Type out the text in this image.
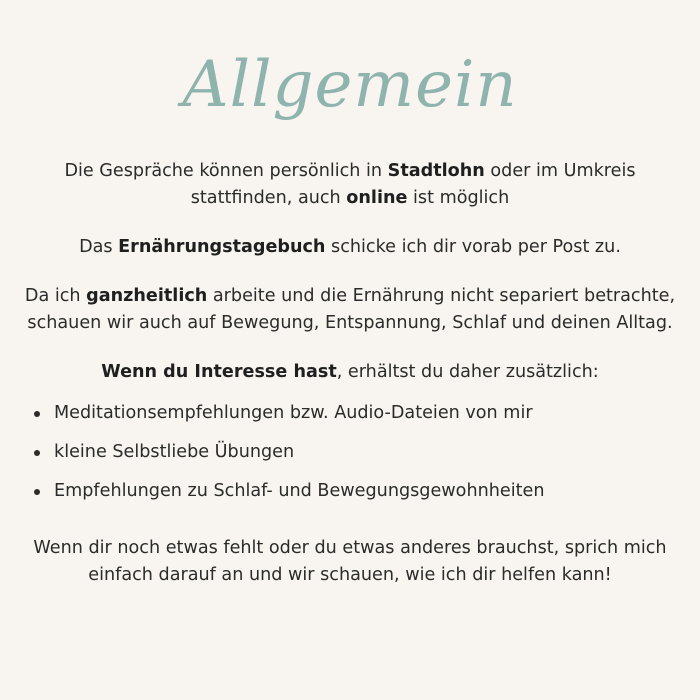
Allgemein

Die Gespräche können persönlich in Stadtlohn oder im Umkreis stattfinden, auch online ist möglich

Das Ernährungstagebuch schicke ich dir vorab per Post zu.

Da ich ganzheitlich arbeite und die Ernährung nicht separiert betrachte, schauen wir auch auf Bewegung, Entspannung, Schlaf und deinen Alltag.

Wenn du Interesse hast, erhältst du daher zusätzlich:

Meditationsempfehlungen bzw. Audio-Dateien von mir
kleine Selbstliebe Übungen
Empfehlungen zu Schlaf- und Bewegungsgewohnheiten

Wenn dir noch etwas fehlt oder du etwas anderes brauchst, sprich mich einfach darauf an und wir schauen, wie ich dir helfen kann!
